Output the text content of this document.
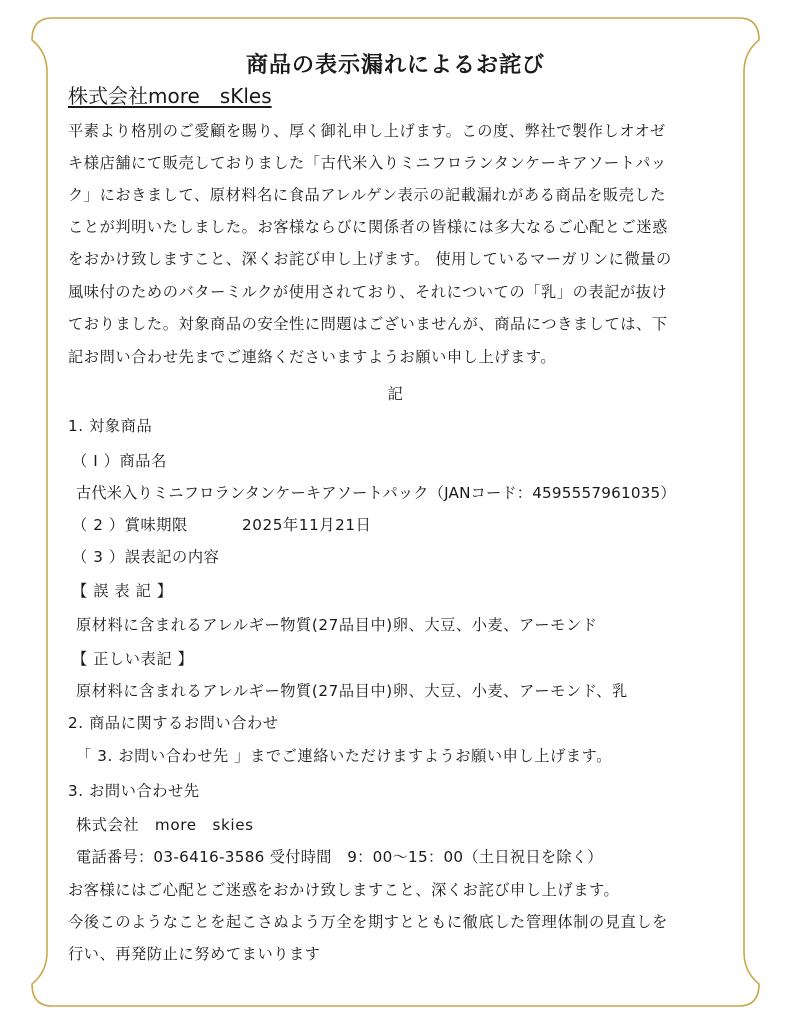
商品の表示漏れによるお詫び

株式会社more　sKles

平素より格別のご愛顧を賜り、厚く御礼申し上げます。この度、弊社で製作しオオゼ

キ様店舗にて販売しておりました「古代米入りミニフロランタンケーキアソートパッ

ク」におきまして、原材料名に食品アレルゲン表示の記載漏れがある商品を販売した

ことが判明いたしました。お客様ならびに関係者の皆様には多大なるご心配とご迷惑

をおかけ致しますこと、深くお詫び申し上げます。 使用しているマーガリンに微量の

風味付のためのバターミルクが使用されており、それについての「乳」の表記が抜け

ておりました。対象商品の安全性に問題はございませんが、商品につきましては、下

記お問い合わせ先までご連絡くださいますようお願い申し上げます。

記

1. 対象商品

（ I ）商品名

古代米入りミニフロランタンケーキアソートパック（JANコード：4595557961035）

（ 2 ）賞味期限	2025年11月21日

（ 3 ）誤表記の内容

【 誤 表 記 】

原材料に含まれるアレルギー物質(27品目中)卵、大豆、小麦、アーモンド

【 正しい表記 】

原材料に含まれるアレルギー物質(27品目中)卵、大豆、小麦、アーモンド、乳

2. 商品に関するお問い合わせ

「 3. お問い合わせ先 」までご連絡いただけますようお願い申し上げます。

3. お問い合わせ先

株式会社　more　skies

電話番号：03-6416-3586 受付時間　9：00〜15：00（土日祝日を除く）

お客様にはご心配とご迷惑をおかけ致しますこと、深くお詫び申し上げます。

今後このようなことを起こさぬよう万全を期すとともに徹底した管理体制の見直しを

行い、再発防止に努めてまいります
